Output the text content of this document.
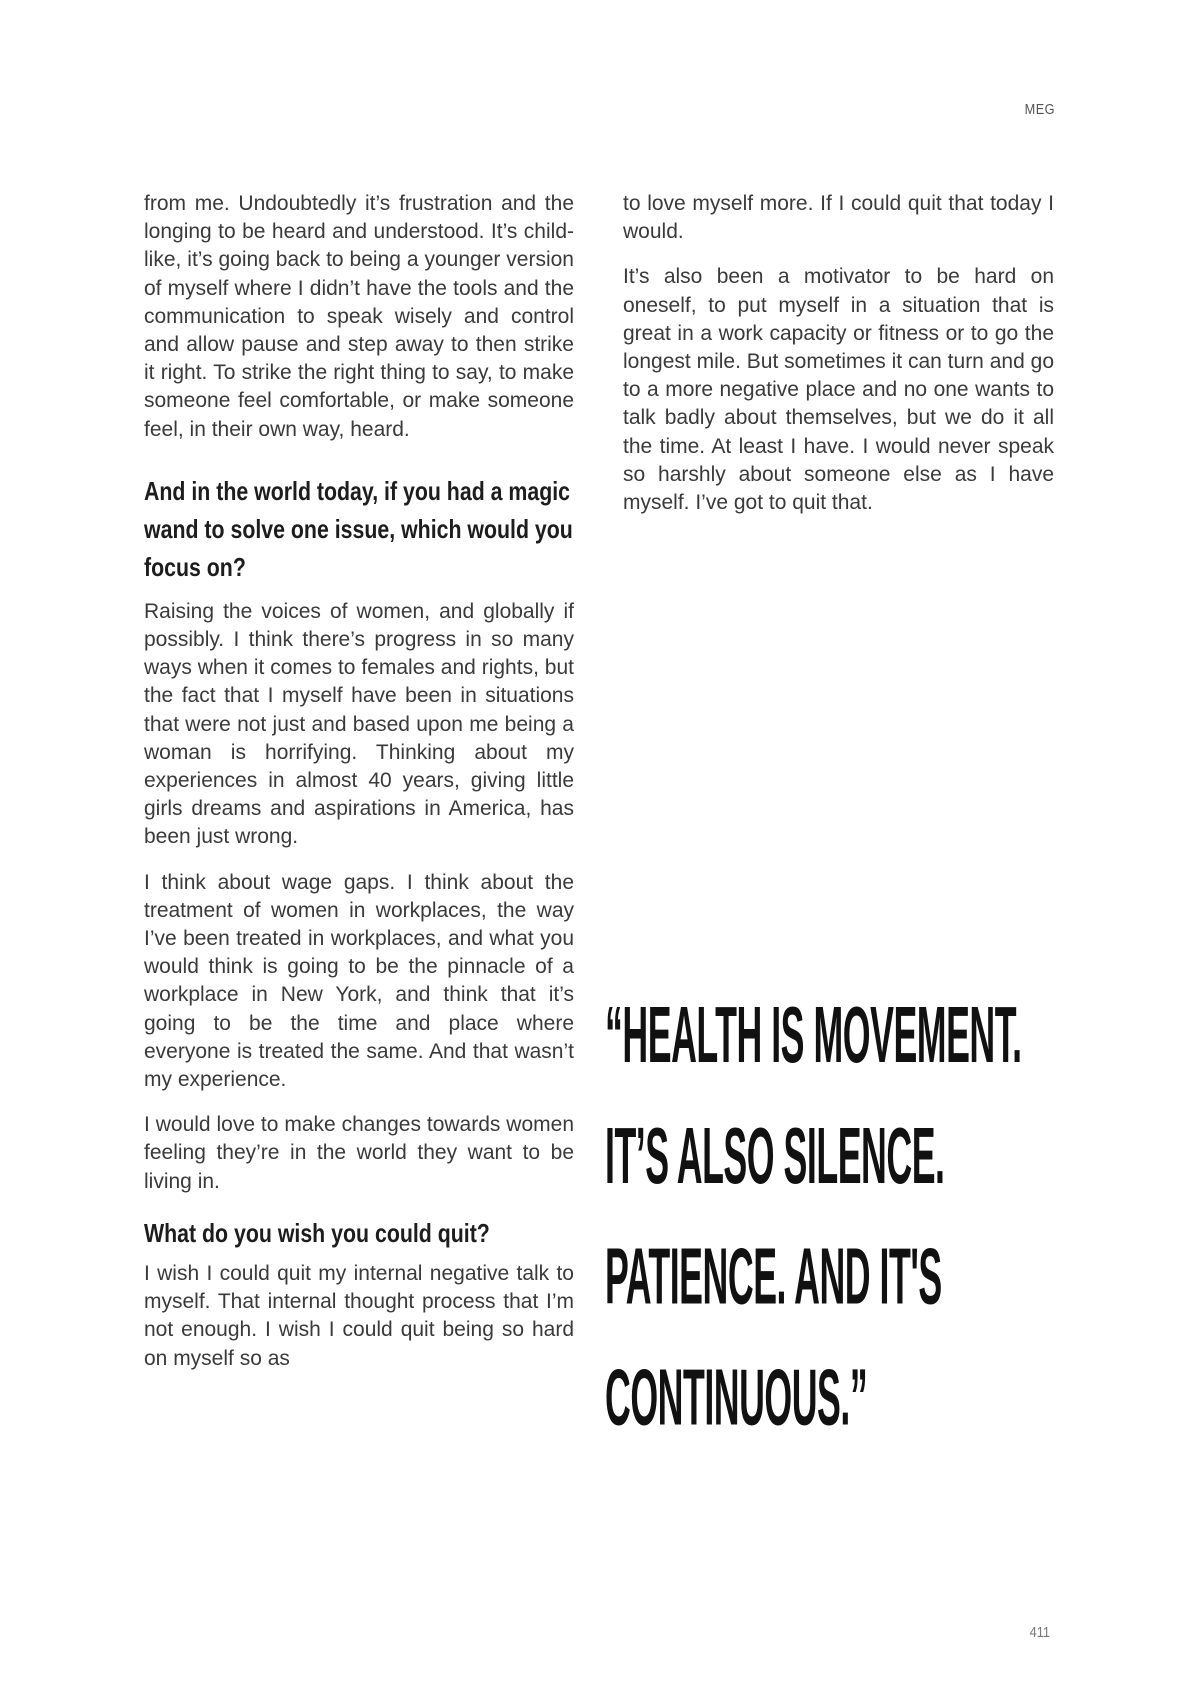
MEG

from me. Undoubtedly it’s frustration and the longing to be heard and understood. It’s child-like, it’s going back to being a younger version of myself where I didn’t have the tools and the communication to speak wisely and control and allow pause and step away to then strike it right. To strike the right thing to say, to make someone feel comfortable, or make someone feel, in their own way, heard.

And in the world today, if you had a magic wand to solve one issue, which would you focus on?

Raising the voices of women, and globally if possibly. I think there’s progress in so many ways when it comes to females and rights, but the fact that I myself have been in situations that were not just and based upon me being a woman is horrifying. Thinking about my experiences in almost 40 years, giving little girls dreams and aspirations in America, has been just wrong.

I think about wage gaps. I think about the treatment of women in workplaces, the way I’ve been treated in workplaces, and what you would think is going to be the pinnacle of a workplace in New York, and think that it’s going to be the time and place where everyone is treated the same. And that wasn’t my experience.

I would love to make changes towards women feeling they’re in the world they want to be living in.

What do you wish you could quit?

I wish I could quit my internal negative talk to myself. That internal thought process that I’m not enough. I wish I could quit being so hard on myself so as

to love myself more. If I could quit that today I would.

It’s also been a motivator to be hard on oneself, to put myself in a situation that is great in a work capacity or fitness or to go the longest mile. But sometimes it can turn and go to a more negative place and no one wants to talk badly about themselves, but we do it all the time. At least I have. I would never speak so harshly about someone else as I have myself. I’ve got to quit that.

“HEALTH IS MOVEMENT.
IT’S ALSO SILENCE.
PATIENCE. AND IT'S
CONTINUOUS.”
411
